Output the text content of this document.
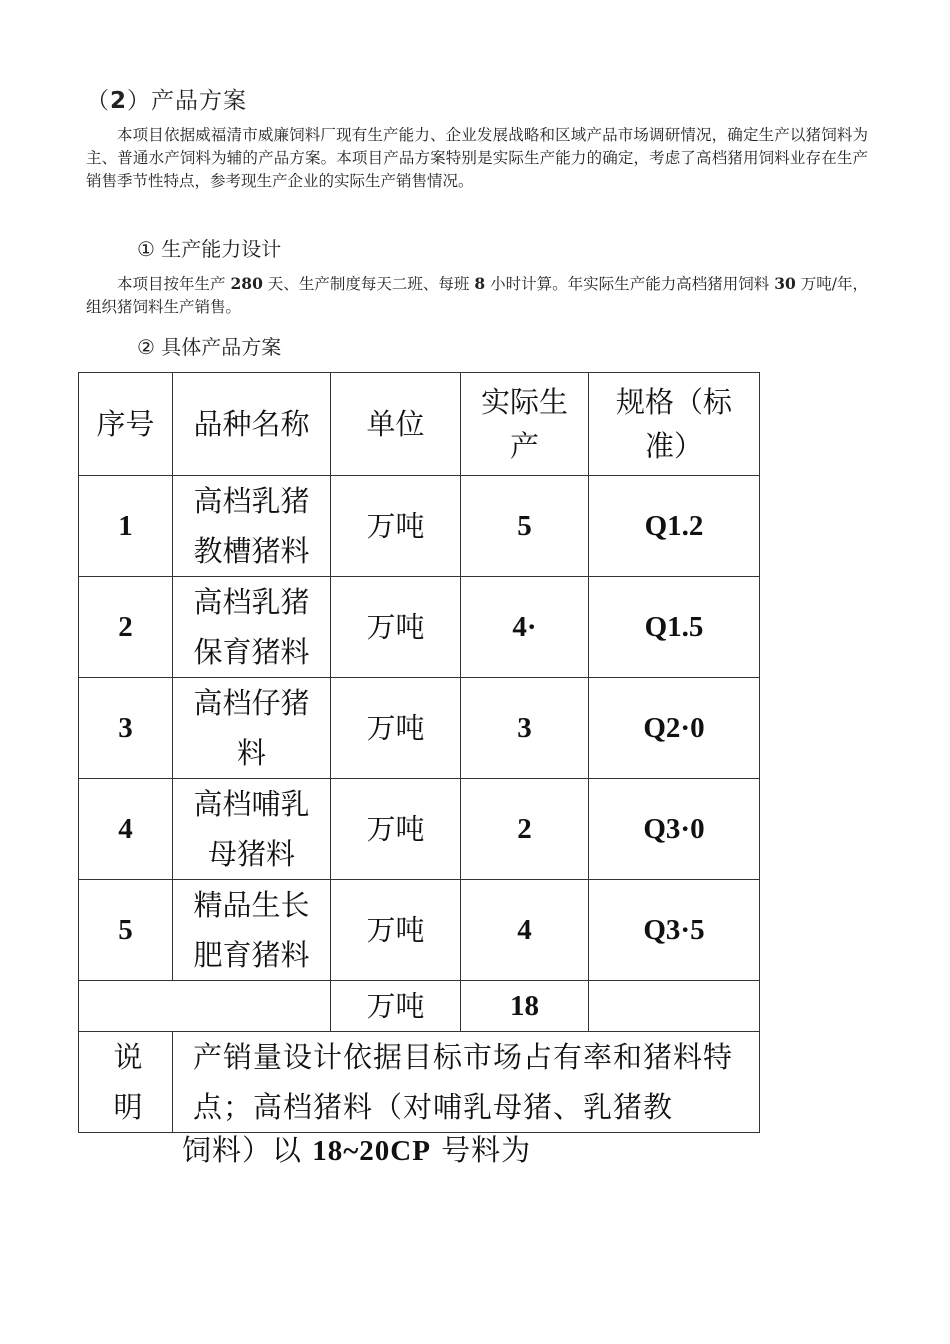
（2）产品方案
本项目依据威福清市威廉饲料厂现有生产能力、企业发展战略和区域产品市场调研情况，确定生产以猪饲料为主、普通水产饲料为辅的产品方案。本项目产品方案特别是实际生产能力的确定，考虑了高档猪用饲料业存在生产销售季节性特点，参考现生产企业的实际生产销售情况。
① 生产能力设计
本项目按年生产 280 天、生产制度每天二班、每班 8 小时计算。年实际生产能力高档猪用饲料 30 万吨/年，组织猪饲料生产销售。
② 具体产品方案
序号	品种名称	单位	实际生产	规格（标准）
1	高档乳猪教槽猪料	万吨	5	Q1.2
2	高档乳猪保育猪料	万吨	4·	Q1.5
3	高档仔猪料	万吨	3	Q2·0
4	高档哺乳母猪料	万吨	2	Q3·0
5	精品生长肥育猪料	万吨	4	Q3·5
		万吨	18	
说明	产销量设计依据目标市场占有率和猪料特点；高档猪料（对哺乳母猪、乳猪教			
饲料）以 18~20CP 号料为
